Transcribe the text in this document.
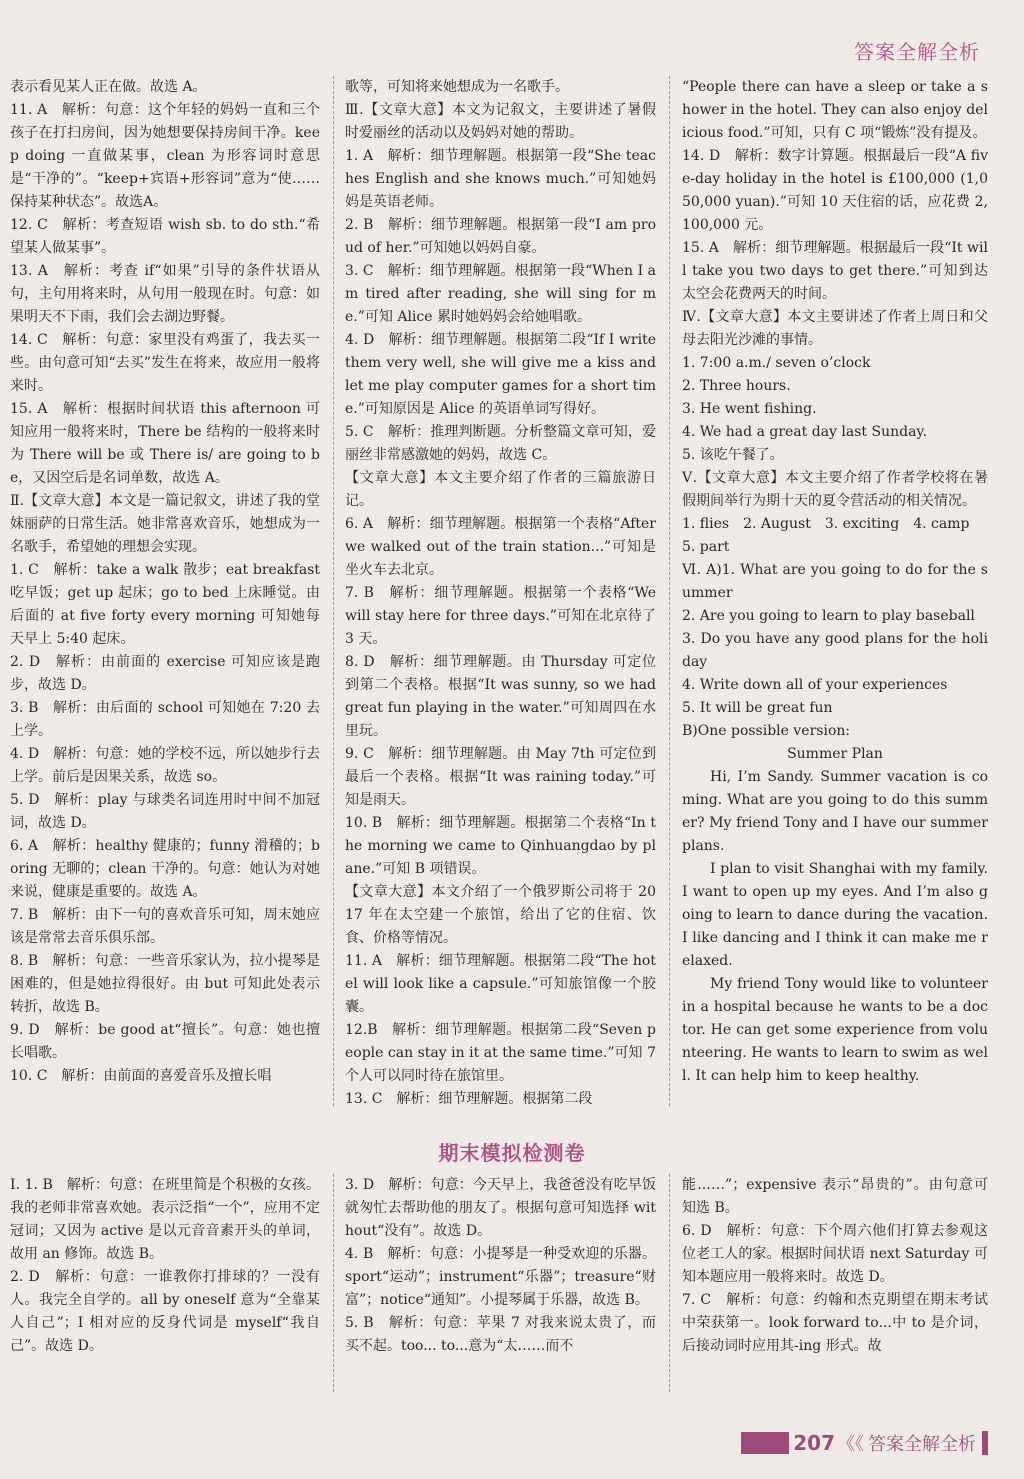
答案全解全析

表示看见某人正在做。故选 A。

11. A　解析：句意：这个年轻的妈妈一直和三个孩子在打扫房间，因为她想要保持房间干净。keep doing 一直做某事，clean 为形容词时意思是“干净的”。“keep+宾语+形容词”意为“使……保持某种状态”。故选A。

12. C　解析：考查短语 wish sb. to do sth.“希望某人做某事”。

13. A　解析：考查 if“如果”引导的条件状语从句，主句用将来时，从句用一般现在时。句意：如果明天不下雨，我们会去湖边野餐。

14. C　解析：句意：家里没有鸡蛋了，我去买一些。由句意可知“去买”发生在将来，故应用一般将来时。

15. A　解析：根据时间状语 this afternoon 可知应用一般将来时，There be 结构的一般将来时为 There will be 或 There is/ are going to be，又因空后是名词单数，故选 A。

Ⅱ.【文章大意】本文是一篇记叙文，讲述了我的堂妹丽萨的日常生活。她非常喜欢音乐，她想成为一名歌手，希望她的理想会实现。

1. C　解析：take a walk 散步；eat breakfast 吃早饭；get up 起床；go to bed 上床睡觉。由后面的 at five forty every morning 可知她每天早上 5:40 起床。

2. D　解析：由前面的 exercise 可知应该是跑步，故选 D。

3. B　解析：由后面的 school 可知她在 7:20 去上学。

4. D　解析：句意：她的学校不远，所以她步行去上学。前后是因果关系，故选 so。

5. D　解析：play 与球类名词连用时中间不加冠词，故选 D。

6. A　解析：healthy 健康的；funny 滑稽的；boring 无聊的；clean 干净的。句意：她认为对她来说，健康是重要的。故选 A。

7. B　解析：由下一句的喜欢音乐可知，周末她应该是常常去音乐俱乐部。

8. B　解析：句意：一些音乐家认为，拉小提琴是困难的，但是她拉得很好。由 but 可知此处表示转折，故选 B。

9. D　解析：be good at“擅长”。句意：她也擅长唱歌。

10. C　解析：由前面的喜爱音乐及擅长唱

歌等，可知将来她想成为一名歌手。

Ⅲ.【文章大意】本文为记叙文，主要讲述了暑假时爱丽丝的活动以及妈妈对她的帮助。

1. A　解析：细节理解题。根据第一段“She teaches English and she knows much.”可知她妈妈是英语老师。

2. B　解析：细节理解题。根据第一段“I am proud of her.”可知她以妈妈自豪。

3. C　解析：细节理解题。根据第一段“When I am tired after reading, she will sing for me.”可知 Alice 累时她妈妈会给她唱歌。

4. D　解析：细节理解题。根据第二段“If I write them very well, she will give me a kiss and let me play computer games for a short time.”可知原因是 Alice 的英语单词写得好。

5. C　解析：推理判断题。分析整篇文章可知，爱丽丝非常感激她的妈妈，故选 C。

【文章大意】本文主要介绍了作者的三篇旅游日记。

6. A　解析：细节理解题。根据第一个表格“After we walked out of the train station...”可知是坐火车去北京。

7. B　解析：细节理解题。根据第一个表格“We will stay here for three days.”可知在北京待了 3 天。

8. D　解析：细节理解题。由 Thursday 可定位到第二个表格。根据“It was sunny, so we had great fun playing in the water.”可知周四在水里玩。

9. C　解析：细节理解题。由 May 7th 可定位到最后一个表格。根据“It was raining today.”可知是雨天。

10. B　解析：细节理解题。根据第二个表格“In the morning we came to Qinhuangdao by plane.”可知 B 项错误。

【文章大意】本文介绍了一个俄罗斯公司将于 2017 年在太空建一个旅馆，给出了它的住宿、饮食、价格等情况。

11. A　解析：细节理解题。根据第二段“The hotel will look like a capsule.”可知旅馆像一个胶囊。

12.B　解析：细节理解题。根据第二段“Seven people can stay in it at the same time.”可知 7 个人可以同时待在旅馆里。

13. C　解析：细节理解题。根据第二段

“People there can have a sleep or take a shower in the hotel. They can also enjoy delicious food.”可知，只有 C 项“锻炼”没有提及。

14. D　解析：数字计算题。根据最后一段“A five-day holiday in the hotel is £100,000 (1,050,000 yuan).”可知 10 天住宿的话，应花费 2,100,000 元。

15. A　解析：细节理解题。根据最后一段“It will take you two days to get there.”可知到达太空会花费两天的时间。

Ⅳ.【文章大意】本文主要讲述了作者上周日和父母去阳光沙滩的事情。

1. 7:00 a.m./ seven o’clock

2. Three hours.

3. He went fishing.

4. We had a great day last Sunday.

5. 该吃午餐了。

Ⅴ.【文章大意】本文主要介绍了作者学校将在暑假期间举行为期十天的夏令营活动的相关情况。

1. flies　2. August　3. exciting　4. camp

5. part

Ⅵ. A)1. What are you going to do for the summer

2. Are you going to learn to play baseball

3. Do you have any good plans for the holiday

4. Write down all of your experiences

5. It will be great fun

B)One possible version:

Summer Plan

Hi, I’m Sandy. Summer vacation is coming. What are you going to do this summer? My friend Tony and I have our summer plans.

I plan to visit Shanghai with my family. I want to open up my eyes. And I’m also going to learn to dance during the vacation. I like dancing and I think it can make me relaxed.

My friend Tony would like to volunteer in a hospital because he wants to be a doctor. He can get some experience from volunteering. He wants to learn to swim as well. It can help him to keep healthy.

期末模拟检测卷

Ⅰ. 1. B　解析：句意：在班里简是个积极的女孩。我的老师非常喜欢她。表示泛指“一个”，应用不定冠词；又因为 active 是以元音音素开头的单词，故用 an 修饰。故选 B。

2. D　解析：句意：一谁教你打排球的？一没有人。我完全自学的。all by oneself 意为“全靠某人自己”；I 相对应的反身代词是 myself“我自己”。故选 D。

3. D　解析：句意：今天早上，我爸爸没有吃早饭就匆忙去帮助他的朋友了。根据句意可知选择 without“没有”。故选 D。

4. B　解析：句意：小提琴是一种受欢迎的乐器。sport“运动”；instrument“乐器”；treasure“财富”；notice“通知”。小提琴属于乐器，故选 B。

5. B　解析：句意：苹果 7 对我来说太贵了，而买不起。too... to...意为“太……而不

能……”；expensive 表示“昂贵的”。由句意可知选 B。

6. D　解析：句意：下个周六他们打算去参观这位老工人的家。根据时间状语 next Saturday 可知本题应用一般将来时。故选 D。

7. C　解析：句意：约翰和杰克期望在期末考试中荣获第一。look forward to...中 to 是介词，后接动词时应用其-ing 形式。故

207 《《 答案全解全析
